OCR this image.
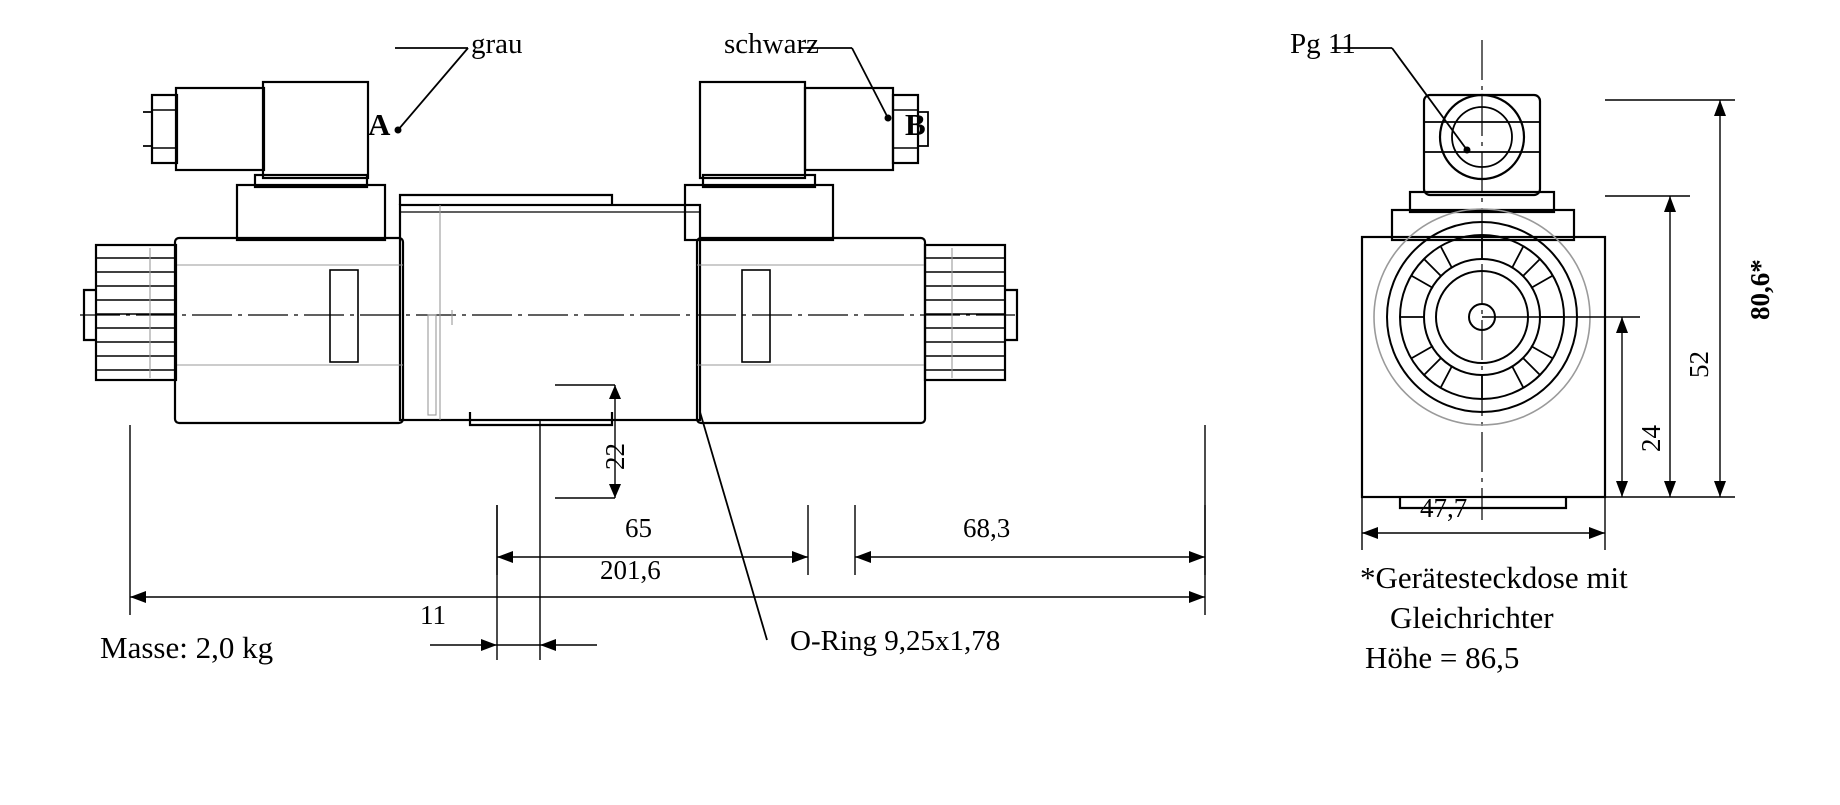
grau	schwarz
A	B
22
65	68,3
201,6
11
O-Ring 9,25x1,78
Masse: 2,0 kg
Pg 11
80,6*
52
24
47,7
*Gerätesteckdose mit
Gleichrichter
Höhe = 86,5
